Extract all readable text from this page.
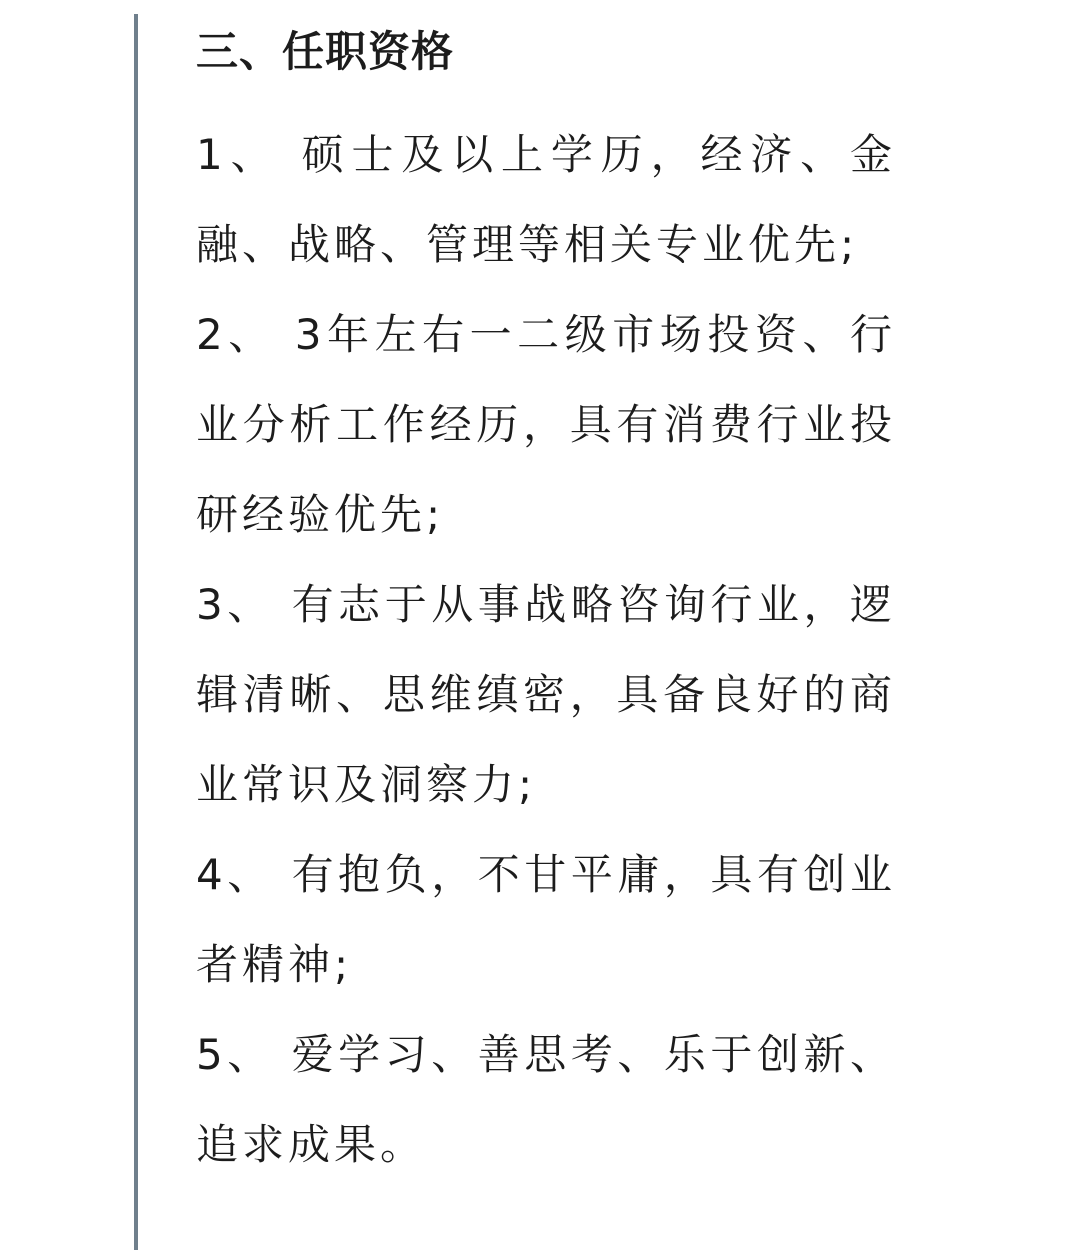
三、任职资格

1、 硕士及以上学历，经济、金融、战略、管理等相关专业优先;

2、 3年左右一二级市场投资、行业分析工作经历，具有消费行业投研经验优先;

3、 有志于从事战略咨询行业，逻辑清晰、思维缜密，具备良好的商业常识及洞察力;

4、 有抱负，不甘平庸，具有创业者精神;

5、 爱学习、善思考、乐于创新、追求成果。
